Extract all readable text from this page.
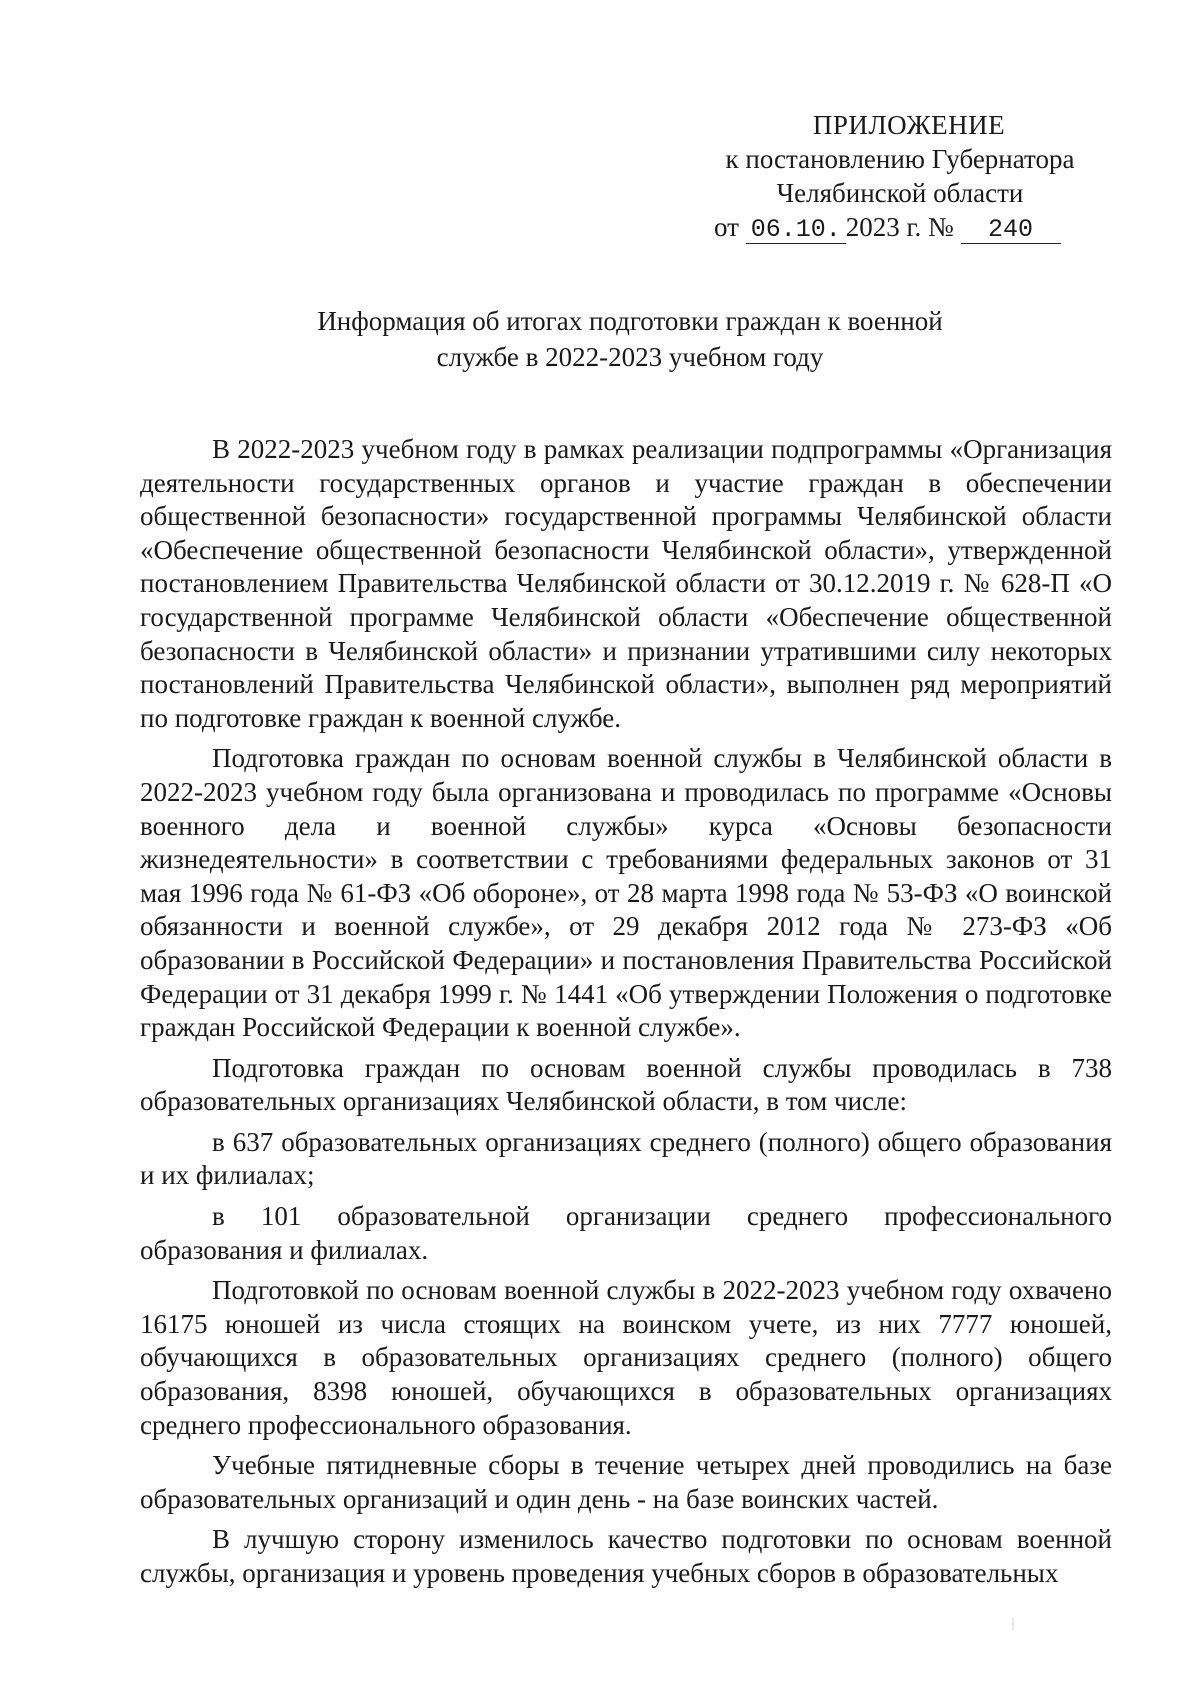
ПРИЛОЖЕНИЕ
к постановлению Губернатора
Челябинской области
от 06.10. 2023 г. № 240
Информация об итогах подготовки граждан к военной
службе в 2022-2023 учебном году

В 2022-2023 учебном году в рамках реализации подпрограммы «Организация деятельности государственных органов и участие граждан в обеспечении общественной безопасности» государственной программы Челябинской области «Обеспечение общественной безопасности Челябинской области», утвержденной постановлением Правительства Челябинской области от 30.12.2019 г. № 628-П «О государственной программе Челябинской области «Обеспечение общественной безопасности в Челябинской области» и признании утратившими силу некоторых постановлений Правительства Челябинской области», выполнен ряд мероприятий по подготовке граждан к военной службе.

Подготовка граждан по основам военной службы в Челябинской области в 2022-2023 учебном году была организована и проводилась по программе «Основы военного дела и военной службы» курса «Основы безопасности жизнедеятельности» в соответствии с требованиями федеральных законов от 31 мая 1996 года № 61-ФЗ «Об обороне», от 28 марта 1998 года № 53-ФЗ «О воинской обязанности и военной службе», от 29 декабря 2012 года № 273-ФЗ «Об образовании в Российской Федерации» и постановления Правительства Российской Федерации от 31 декабря 1999 г. № 1441 «Об утверждении Положения о подготовке граждан Российской Федерации к военной службе».

Подготовка граждан по основам военной службы проводилась в 738 образовательных организациях Челябинской области, в том числе:

в 637 образовательных организациях среднего (полного) общего образования и их филиалах;

в 101 образовательной организации среднего профессионального образования и филиалах.

Подготовкой по основам военной службы в 2022-2023 учебном году охвачено 16175 юношей из числа стоящих на воинском учете, из них 7777 юношей, обучающихся в образовательных организациях среднего (полного) общего образования, 8398 юношей, обучающихся в образовательных организациях среднего профессионального образования.

Учебные пятидневные сборы в течение четырех дней проводились на базе образовательных организаций и один день - на базе воинских частей.

В лучшую сторону изменилось качество подготовки по основам военной службы, организация и уровень проведения учебных сборов в образовательных
